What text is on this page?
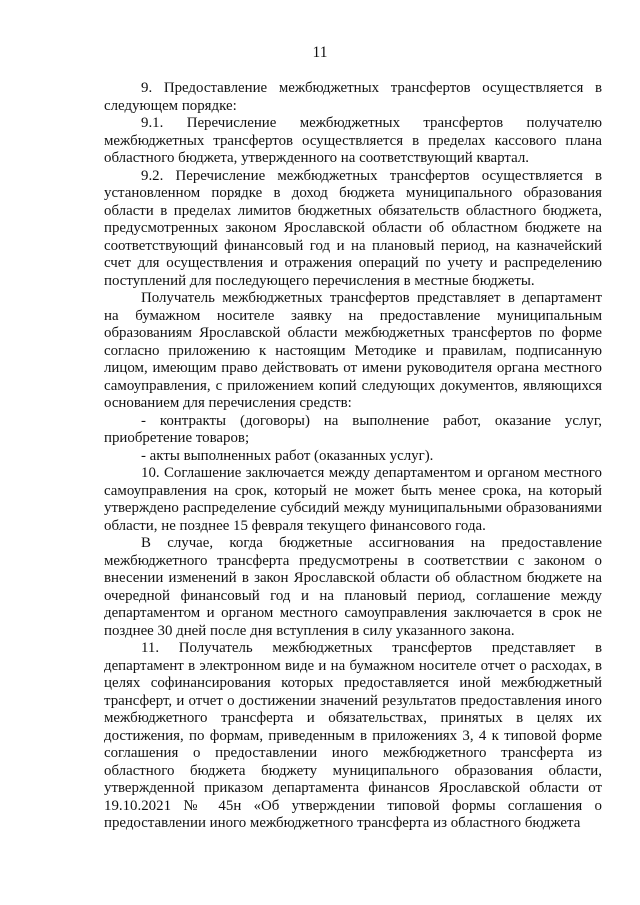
11

9. Предоставление межбюджетных трансфертов осуществляется в следующем порядке:

9.1. Перечисление межбюджетных трансфертов получателю межбюджетных трансфертов осуществляется в пределах кассового плана областного бюджета, утвержденного на соответствующий квартал.

9.2. Перечисление межбюджетных трансфертов осуществляется в установленном порядке в доход бюджета муниципального образования области в пределах лимитов бюджетных обязательств областного бюджета, предусмотренных законом Ярославской области об областном бюджете на соответствующий финансовый год и на плановый период, на казначейский счет для осуществления и отражения операций по учету и распределению поступлений для последующего перечисления в местные бюджеты.

Получатель межбюджетных трансфертов представляет в департамент на бумажном носителе заявку на предоставление муниципальным образованиям Ярославской области межбюджетных трансфертов по форме согласно приложению к настоящим Методике и правилам, подписанную лицом, имеющим право действовать от имени руководителя органа местного самоуправления, с приложением копий следующих документов, являющихся основанием для перечисления средств:

- контракты (договоры) на выполнение работ, оказание услуг, приобретение товаров;

- акты выполненных работ (оказанных услуг).

10. Соглашение заключается между департаментом и органом местного самоуправления на срок, который не может быть менее срока, на который утверждено распределение субсидий между муниципальными образованиями области, не позднее 15 февраля текущего финансового года.

В случае, когда бюджетные ассигнования на предоставление межбюджетного трансферта предусмотрены в соответствии с законом о внесении изменений в закон Ярославской области об областном бюджете на очередной финансовый год и на плановый период, соглашение между департаментом и органом местного самоуправления заключается в срок не позднее 30 дней после дня вступления в силу указанного закона.

11. Получатель межбюджетных трансфертов представляет в департамент в электронном виде и на бумажном носителе отчет о расходах, в целях софинансирования которых предоставляется иной межбюджетный трансферт, и отчет о достижении значений результатов предоставления иного межбюджетного трансферта и обязательствах, принятых в целях их достижения, по формам, приведенным в приложениях 3, 4 к типовой форме соглашения о предоставлении иного межбюджетного трансферта из областного бюджета бюджету муниципального образования области, утвержденной приказом департамента финансов Ярославской области от 19.10.2021 № 45н «Об утверждении типовой формы соглашения о предоставлении иного межбюджетного трансферта из областного бюджета
